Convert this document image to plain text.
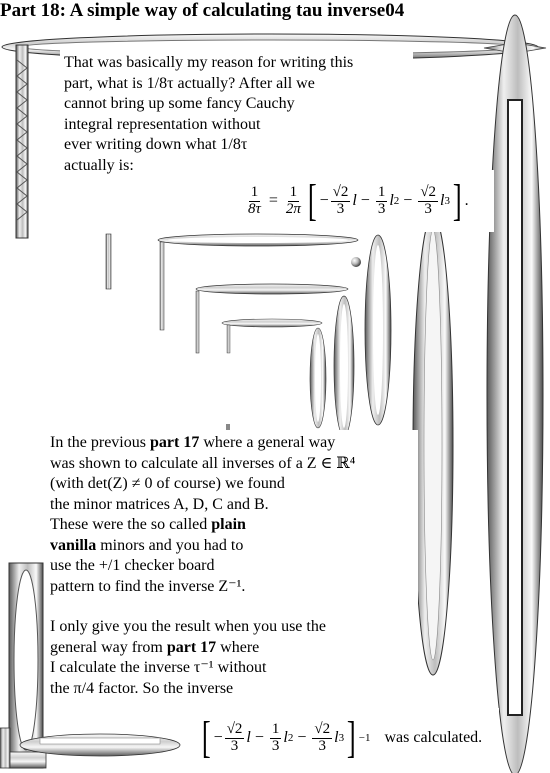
Part 18: A simple way of calculating tau inverse04

That was basically my reason for writing this

part, what is 1/8τ actually? After all we

cannot bring up some fancy Cauchy

integral representation without

ever writing down what 1/8τ

actually is:

$\frac{1}{8\tau} = \frac{1}{2\pi}$ [ − $\frac{√2}{3}$ $l - \frac{1}{3}$ l $2 - \frac{√2}{3}$ l 3 ] .

In the previous part 17 where a general way

was shown to calculate all inverses of a Z ∈ ℝ⁴

(with det(Z) ≠ 0 of course) we found

the minor matrices A, D, C and B.

These were the so called plain

vanilla minors and you had to

use the +/1 checker board

pattern to find the inverse Z⁻¹.

I only give you the result when you use the

general way from part 17 where

I calculate the inverse τ⁻¹ without

the π/4 factor. So the inverse

[ − $\frac{√2}{3}$ $l - \frac{1}{3}$ l $2 - \frac{√2}{3}$ l 3 ] −1 was calculated.
